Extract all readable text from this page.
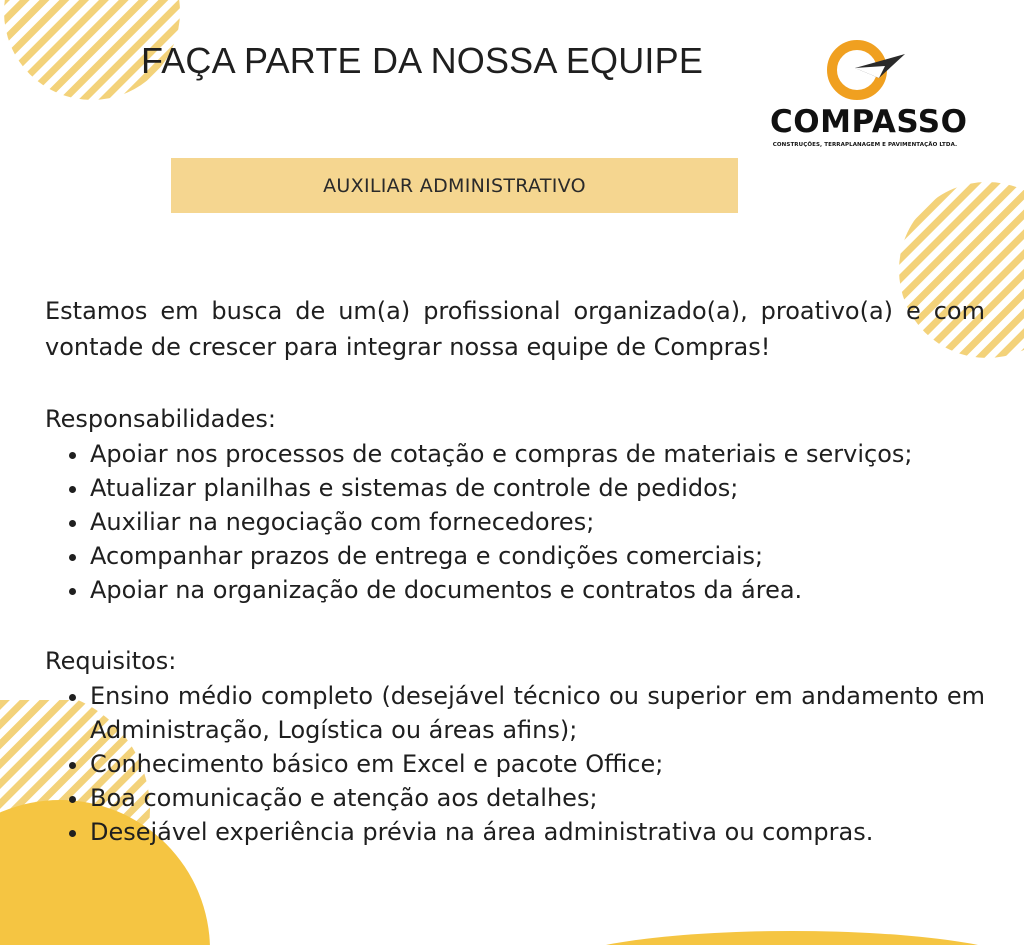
FAÇA PARTE DA NOSSA EQUIPE
COMPASSO
CONSTRUÇÕES, TERRAPLANAGEM E PAVIMENTAÇÃO LTDA.
AUXILIAR ADMINISTRATIVO

Estamos em busca de um(a) profissional organizado(a), proativo(a) e com vontade de crescer para integrar nossa equipe de Compras!

Responsabilidades:

• Apoiar nos processos de cotação e compras de materiais e serviços;
• Atualizar planilhas e sistemas de controle de pedidos;
• Auxiliar na negociação com fornecedores;
• Acompanhar prazos de entrega e condições comerciais;
• Apoiar na organização de documentos e contratos da área.

Requisitos:

• Ensino médio completo (desejável técnico ou superior em andamento em Administração, Logística ou áreas afins);
• Conhecimento básico em Excel e pacote Office;
• Boa comunicação e atenção aos detalhes;
• Desejável experiência prévia na área administrativa ou compras.
